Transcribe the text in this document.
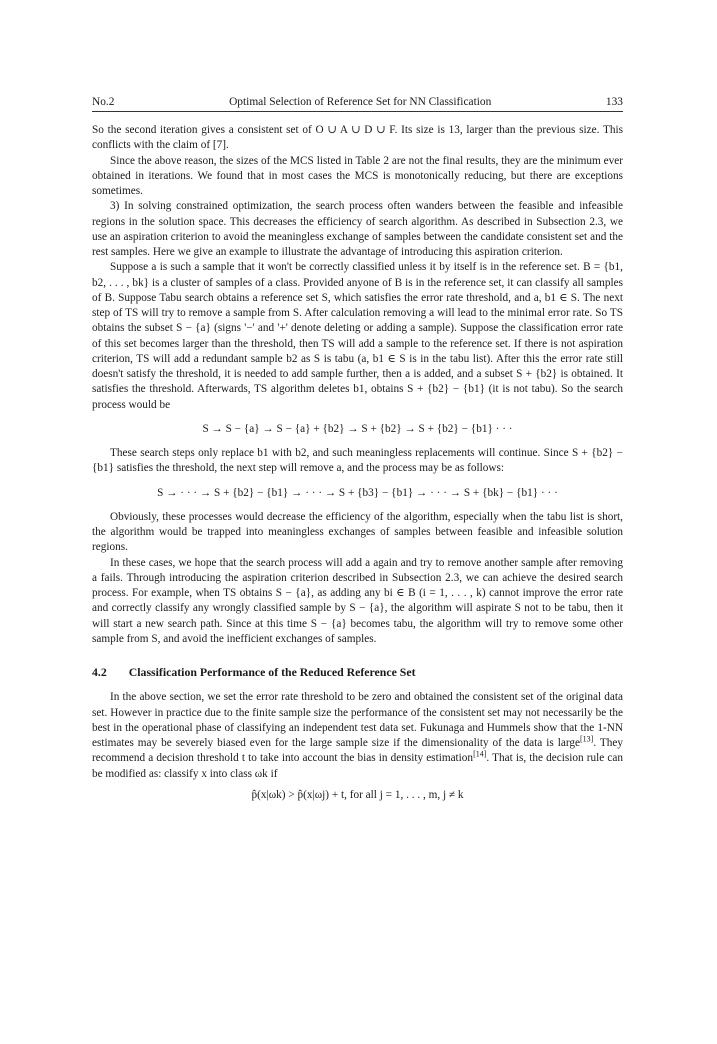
No.2	Optimal Selection of Reference Set for NN Classification	133

So the second iteration gives a consistent set of O ∪ A ∪ D ∪ F. Its size is 13, larger than the previous size. This conflicts with the claim of [7].

Since the above reason, the sizes of the MCS listed in Table 2 are not the final results, they are the minimum ever obtained in iterations. We found that in most cases the MCS is monotonically reducing, but there are exceptions sometimes.

3) In solving constrained optimization, the search process often wanders between the feasible and infeasible regions in the solution space. This decreases the efficiency of search algorithm. As described in Subsection 2.3, we use an aspiration criterion to avoid the meaningless exchange of samples between the candidate consistent set and the rest samples. Here we give an example to illustrate the advantage of introducing this aspiration criterion.

Suppose a is such a sample that it won't be correctly classified unless it by itself is in the reference set. B = {b1, b2, . . . , bk} is a cluster of samples of a class. Provided anyone of B is in the reference set, it can classify all samples of B. Suppose Tabu search obtains a reference set S, which satisfies the error rate threshold, and a, b1 ∈ S. The next step of TS will try to remove a sample from S. After calculation removing a will lead to the minimal error rate. So TS obtains the subset S − {a} (signs '−' and '+' denote deleting or adding a sample). Suppose the classification error rate of this set becomes larger than the threshold, then TS will add a sample to the reference set. If there is not aspiration criterion, TS will add a redundant sample b2 as S is tabu (a, b1 ∈ S is in the tabu list). After this the error rate still doesn't satisfy the threshold, it is needed to add sample further, then a is added, and a subset S + {b2} is obtained. It satisfies the threshold. Afterwards, TS algorithm deletes b1, obtains S + {b2} − {b1} (it is not tabu). So the search process would be

S → S − {a} → S − {a} + {b2} → S + {b2} → S + {b2} − {b1} · · ·

These search steps only replace b1 with b2, and such meaningless replacements will continue. Since S + {b2} − {b1} satisfies the threshold, the next step will remove a, and the process may be as follows:

S → · · · → S + {b2} − {b1} → · · · → S + {b3} − {b1} → · · · → S + {bk} − {b1} · · ·

Obviously, these processes would decrease the efficiency of the algorithm, especially when the tabu list is short, the algorithm would be trapped into meaningless exchanges of samples between feasible and infeasible solution regions.

In these cases, we hope that the search process will add a again and try to remove another sample after removing a fails. Through introducing the aspiration criterion described in Subsection 2.3, we can achieve the desired search process. For example, when TS obtains S − {a}, as adding any bi ∈ B (i = 1, . . . , k) cannot improve the error rate and correctly classify any wrongly classified sample by S − {a}, the algorithm will aspirate S not to be tabu, then it will start a new search path. Since at this time S − {a} becomes tabu, the algorithm will try to remove some other sample from S, and avoid the inefficient exchanges of samples.

4.2 Classification Performance of the Reduced Reference Set

In the above section, we set the error rate threshold to be zero and obtained the consistent set of the original data set. However in practice due to the finite sample size the performance of the consistent set may not necessarily be the best in the operational phase of classifying an independent test data set. Fukunaga and Hummels show that the 1-NN estimates may be severely biased even for the large sample size if the dimensionality of the data is large[13]. They recommend a decision threshold t to take into account the bias in density estimation[14]. That is, the decision rule can be modified as: classify x into class ωk if

p̂(x|ωk) > p̂(x|ωj) + t, for all j = 1, . . . , m, j ≠ k
